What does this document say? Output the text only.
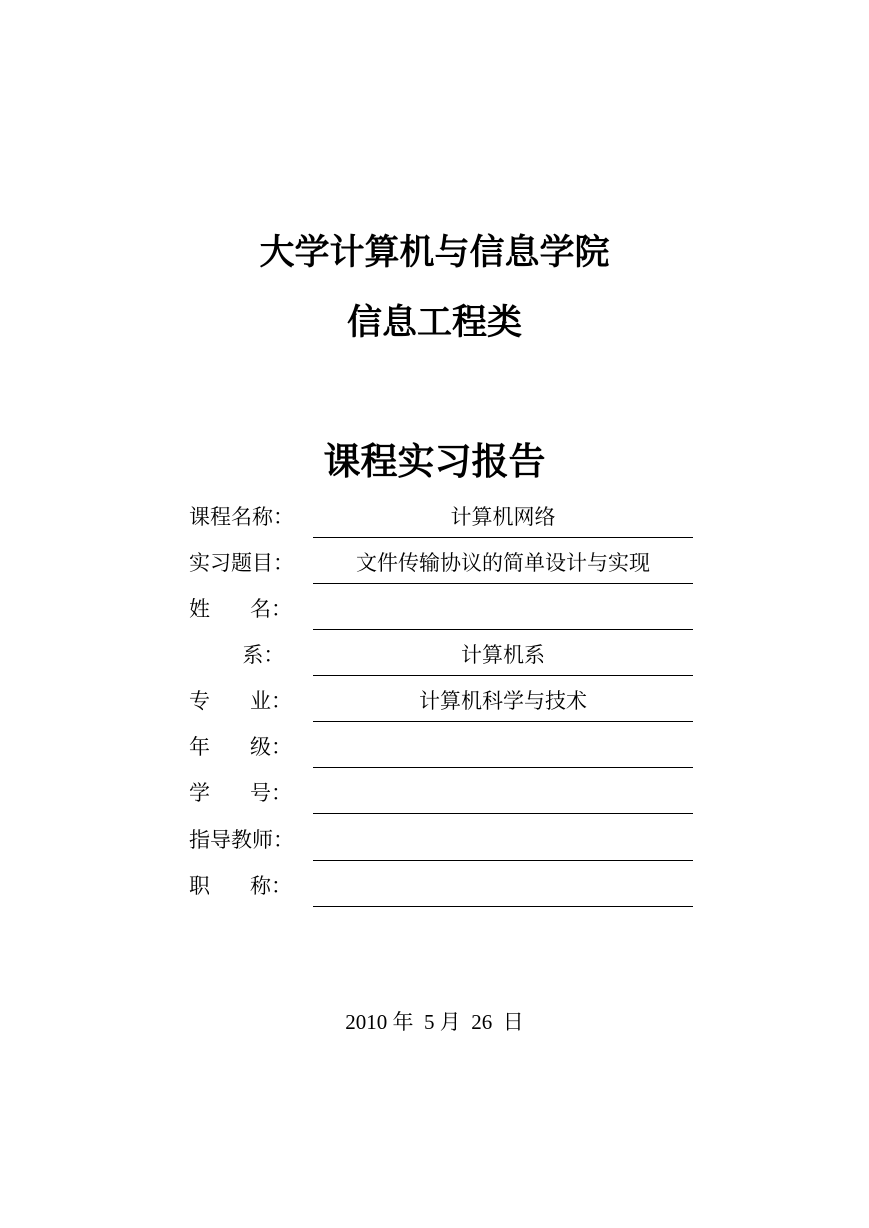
大学计算机与信息学院
信息工程类
课程实习报告
课程名称：	计算机网络
实习题目：	文件传输协议的简单设计与实现
姓      名：
系：	计算机系
专      业：	计算机科学与技术
年      级：
学      号：
指导教师：
职      称：
2010 年  5 月  26  日
